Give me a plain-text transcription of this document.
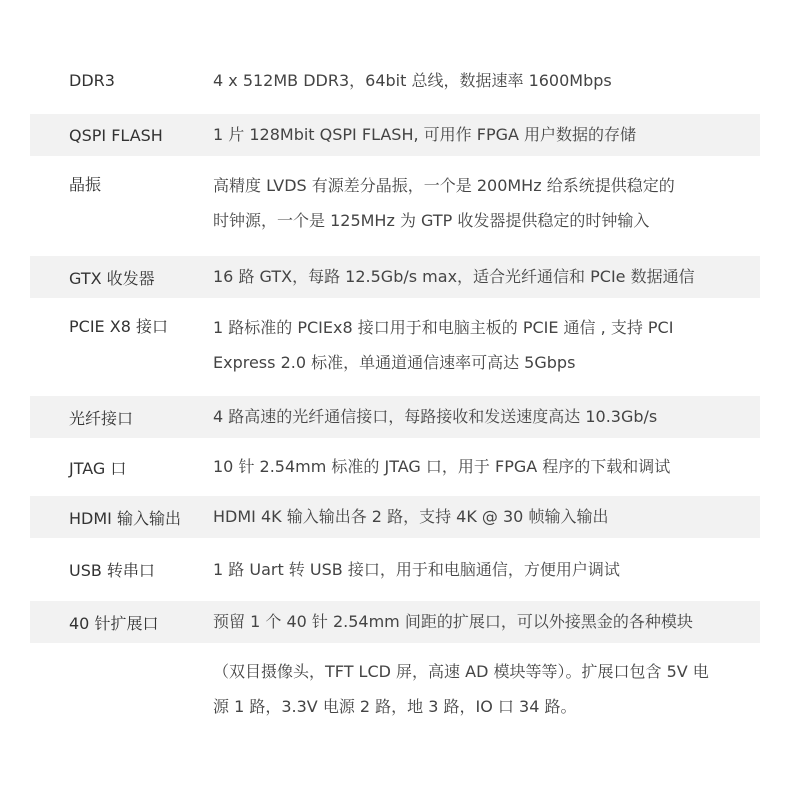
DDR3	4 x 512MB DDR3，64bit 总线，数据速率 1600Mbps
QSPI FLASH	1 片 128Mbit QSPI FLASH, 可用作 FPGA 用户数据的存储
晶振	高精度 LVDS 有源差分晶振，一个是 200MHz 给系统提供稳定的
时钟源，一个是 125MHz 为 GTP 收发器提供稳定的时钟输入
GTX 收发器	16 路 GTX，每路 12.5Gb/s max，适合光纤通信和 PCIe 数据通信
PCIE X8 接口	1 路标准的 PCIEx8 接口用于和电脑主板的 PCIE 通信 , 支持 PCI
Express 2.0 标准，单通道通信速率可高达 5Gbps
光纤接口	4 路高速的光纤通信接口，每路接收和发送速度高达 10.3Gb/s
JTAG 口	10 针 2.54mm 标准的 JTAG 口，用于 FPGA 程序的下载和调试
HDMI 输入输出	HDMI 4K 输入输出各 2 路，支持 4K @ 30 帧输入输出
USB 转串口	1 路 Uart 转 USB 接口，用于和电脑通信，方便用户调试
40 针扩展口	预留 1 个 40 针 2.54mm 间距的扩展口，可以外接黑金的各种模块
（双目摄像头，TFT LCD 屏，高速 AD 模块等等）。扩展口包含 5V 电
源 1 路，3.3V 电源 2 路，地 3 路，IO 口 34 路。
